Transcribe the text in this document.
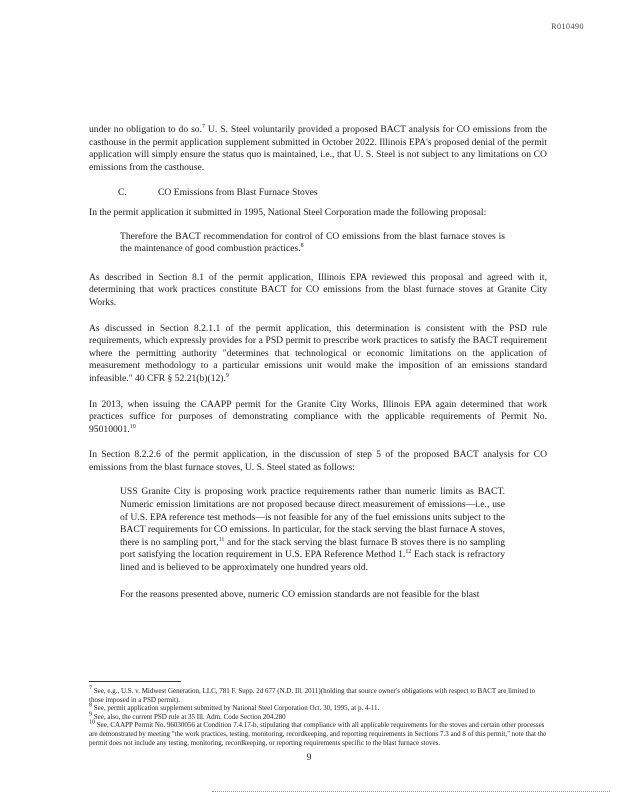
R010490

under no obligation to do so.$^7$ U. S. Steel voluntarily provided a proposed BACT analysis for CO emissions from the casthouse in the permit application supplement submitted in October 2022. Illinois EPA's proposed denial of the permit application will simply ensure the status quo is maintained, i.e., that U. S. Steel is not subject to any limitations on CO emissions from the casthouse.

C.	CO Emissions from Blast Furnace Stoves

In the permit application it submitted in 1995, National Steel Corporation made the following proposal:

Therefore the BACT recommendation for control of CO emissions from the blast furnace stoves is the maintenance of good combustion practices.$^8$

As described in Section 8.1 of the permit application, Illinois EPA reviewed this proposal and agreed with it, determining that work practices constitute BACT for CO emissions from the blast furnace stoves at Granite City Works.

As discussed in Section 8.2.1.1 of the permit application, this determination is consistent with the PSD rule requirements, which expressly provides for a PSD permit to prescribe work practices to satisfy the BACT requirement where the permitting authority "determines that technological or economic limitations on the application of measurement methodology to a particular emissions unit would make the imposition of an emissions standard infeasible." 40 CFR § 52.21(b)(12).$^9$

In 2013, when issuing the CAAPP permit for the Granite City Works, Illinois EPA again determined that work practices suffice for purposes of demonstrating compliance with the applicable requirements of Permit No. 95010001.10

In Section 8.2.2.6 of the permit application, in the discussion of step 5 of the proposed BACT analysis for CO emissions from the blast furnace stoves, U. S. Steel stated as follows:

USS Granite City is proposing work practice requirements rather than numeric limits as BACT. Numeric emission limitations are not proposed because direct measurement of emissions—i.e., use of U.S. EPA reference test methods—is not feasible for any of the fuel emissions units subject to the BACT requirements for CO emissions. In particular, for the stack serving the blast furnace A stoves, there is no sampling port,$^{11}$ and for the stack serving the blast furnace B stoves there is no sampling port satisfying the location requirement in U.S. EPA Reference Method 1.12 Each stack is refractory lined and is believed to be approximately one hundred years old.

For the reasons presented above, numeric CO emission standards are not feasible for the blast

$^7$ See, e.g., U.S. v. Midwest Generation, LLC, 781 F. Supp. 2d 677 (N.D. Ill. 2011)(holding that source owner's obligations with respect to BACT are limited to those imposed in a PSD permit).
$^8$ See, permit application supplement submitted by National Steel Corporation Oct. 30, 1995, at p. 4-11.
$^9$ See, also, the current PSD rule at 35 Ill. Adm. Code Section 204.280
$^{10}$ See, CAAPP Permit No. 96030056 at Condition 7.4.17-b, stipulating that compliance with all applicable requirements for the stoves and certain other processes are demonstrated by meeting "the work practices, testing, monitoring, recordkeeping, and reporting requirements in Sections 7.3 and 8 of this permit," note that the permit does not include any testing, monitoring, recordkeeping, or reporting requirements specific to the blast furnace stoves.
9
